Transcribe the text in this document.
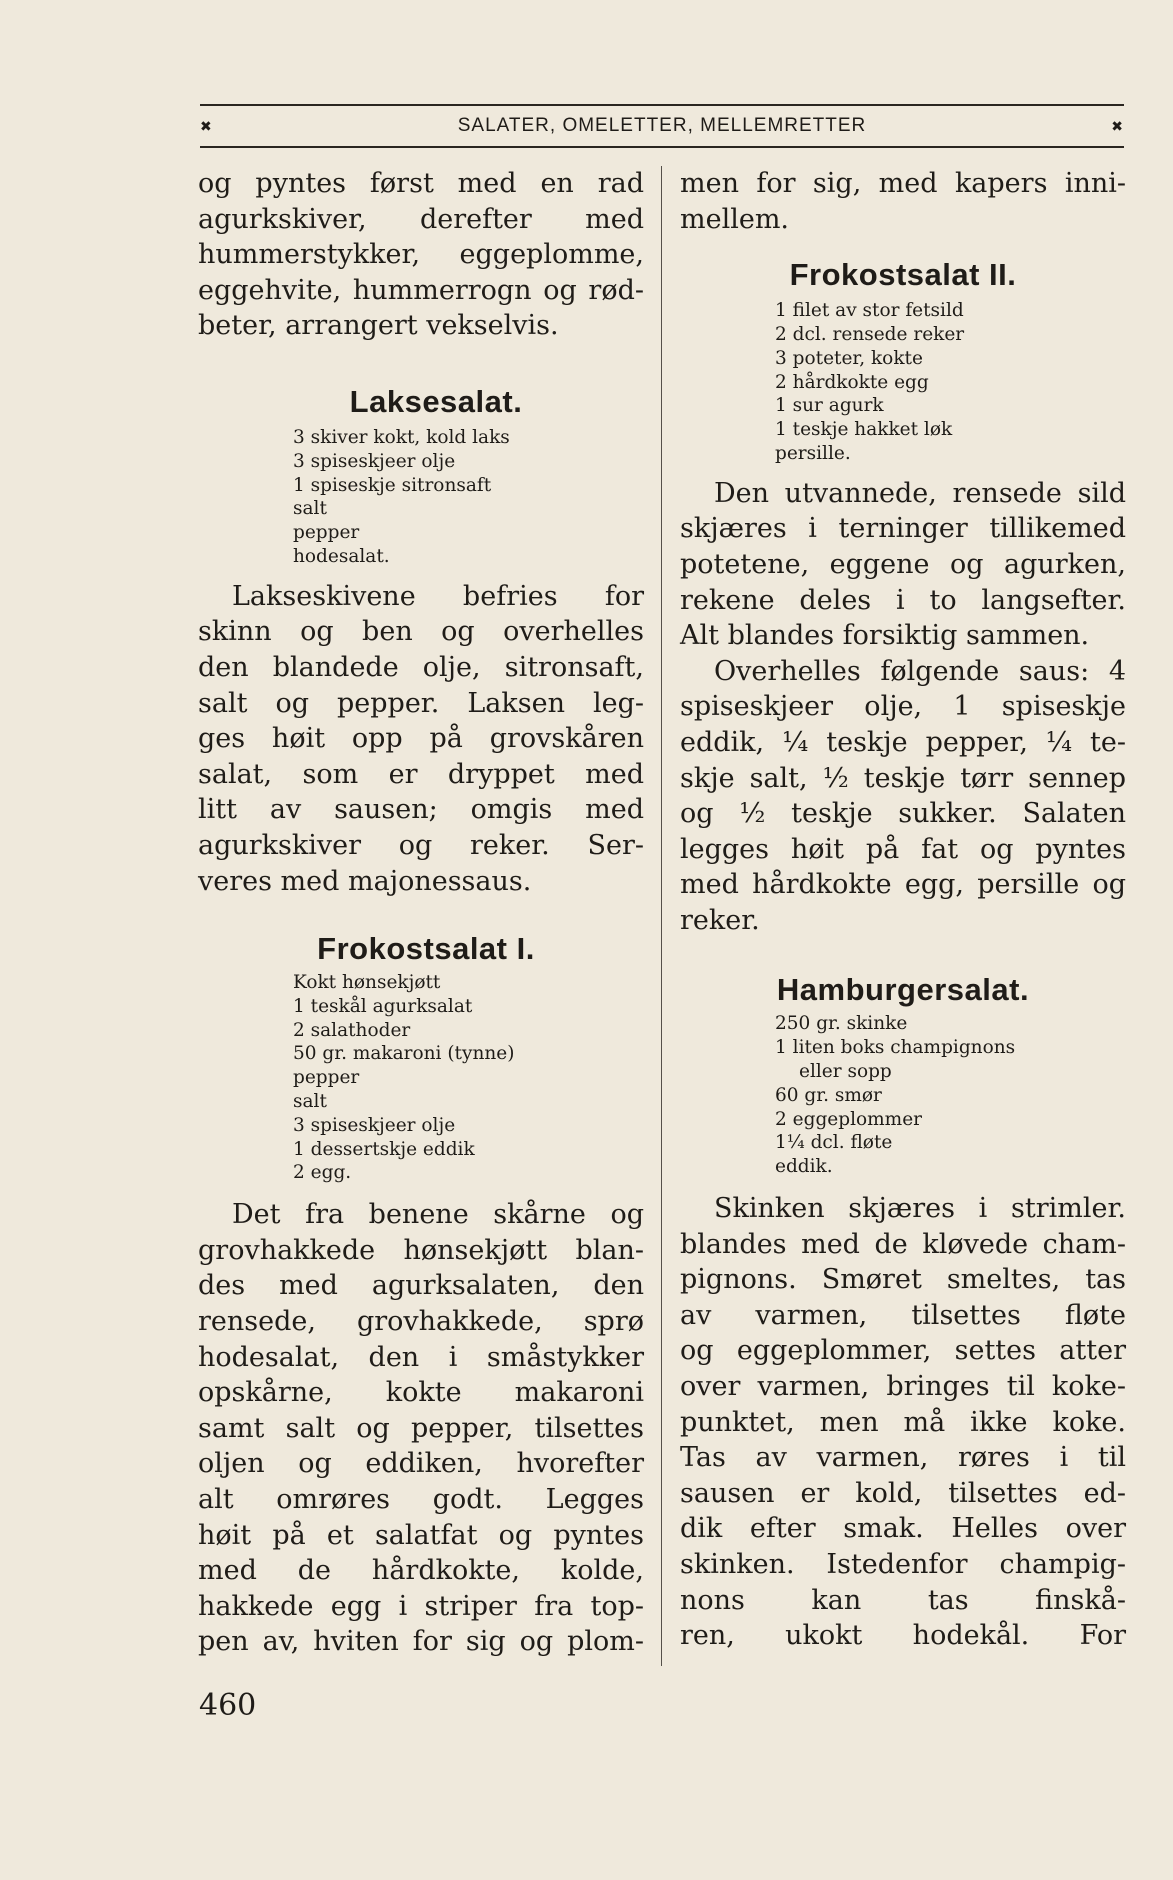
✖	SALATER, OMELETTER, MELLEMRETTER	✖

og pyntes først med en rad

agurkskiver, derefter med

hummerstykker, eggeplomme,

eggehvite, hummerrogn og rød-

beter, arrangert vekselvis.

Laksesalat.
3 skiver kokt, kold laks
3 spiseskjeer olje
1 spiseskje sitronsaft
salt
pepper
hodesalat.

Lakseskivene befries for

skinn og ben og overhelles

den blandede olje, sitronsaft,

salt og pepper. Laksen leg-

ges høit opp på grovskåren

salat, som er dryppet med

litt av sausen; omgis med

agurkskiver og reker. Ser-

veres med majonessaus.

Frokostsalat I.
Kokt hønsekjøtt
1 teskål agurksalat
2 salathoder
50 gr. makaroni (tynne)
pepper
salt
3 spiseskjeer olje
1 dessertskje eddik
2 egg.

Det fra benene skårne og

grovhakkede hønsekjøtt blan-

des med agurksalaten, den

rensede, grovhakkede, sprø

hodesalat, den i småstykker

opskårne, kokte makaroni

samt salt og pepper, tilsettes

oljen og eddiken, hvorefter

alt omrøres godt. Legges

høit på et salatfat og pyntes

med de hårdkokte, kolde,

hakkede egg i striper fra top-

pen av, hviten for sig og plom-

men for sig, med kapers inni-

mellem.

Frokostsalat II.
1 filet av stor fetsild
2 dcl. rensede reker
3 poteter, kokte
2 hårdkokte egg
1 sur agurk
1 teskje hakket løk
persille.

Den utvannede, rensede sild

skjæres i terninger tillikemed

potetene, eggene og agurken,

rekene deles i to langsefter.

Alt blandes forsiktig sammen.

Overhelles følgende saus: 4

spiseskjeer olje, 1 spiseskje

eddik, ¼ teskje pepper, ¼ te-

skje salt, ½ teskje tørr sennep

og ½ teskje sukker. Salaten

legges høit på fat og pyntes

med hårdkokte egg, persille og

reker.

Hamburgersalat.
250 gr. skinke
1 liten boks champignons
eller sopp
60 gr. smør
2 eggeplommer
1¼ dcl. fløte
eddik.

Skinken skjæres i strimler.

blandes med de kløvede cham-

pignons. Smøret smeltes, tas

av varmen, tilsettes fløte

og eggeplommer, settes atter

over varmen, bringes til koke-

punktet, men må ikke koke.

Tas av varmen, røres i til

sausen er kold, tilsettes ed-

dik efter smak. Helles over

skinken. Istedenfor champig-

nons kan tas finskå-

ren, ukokt hodekål. For

460
